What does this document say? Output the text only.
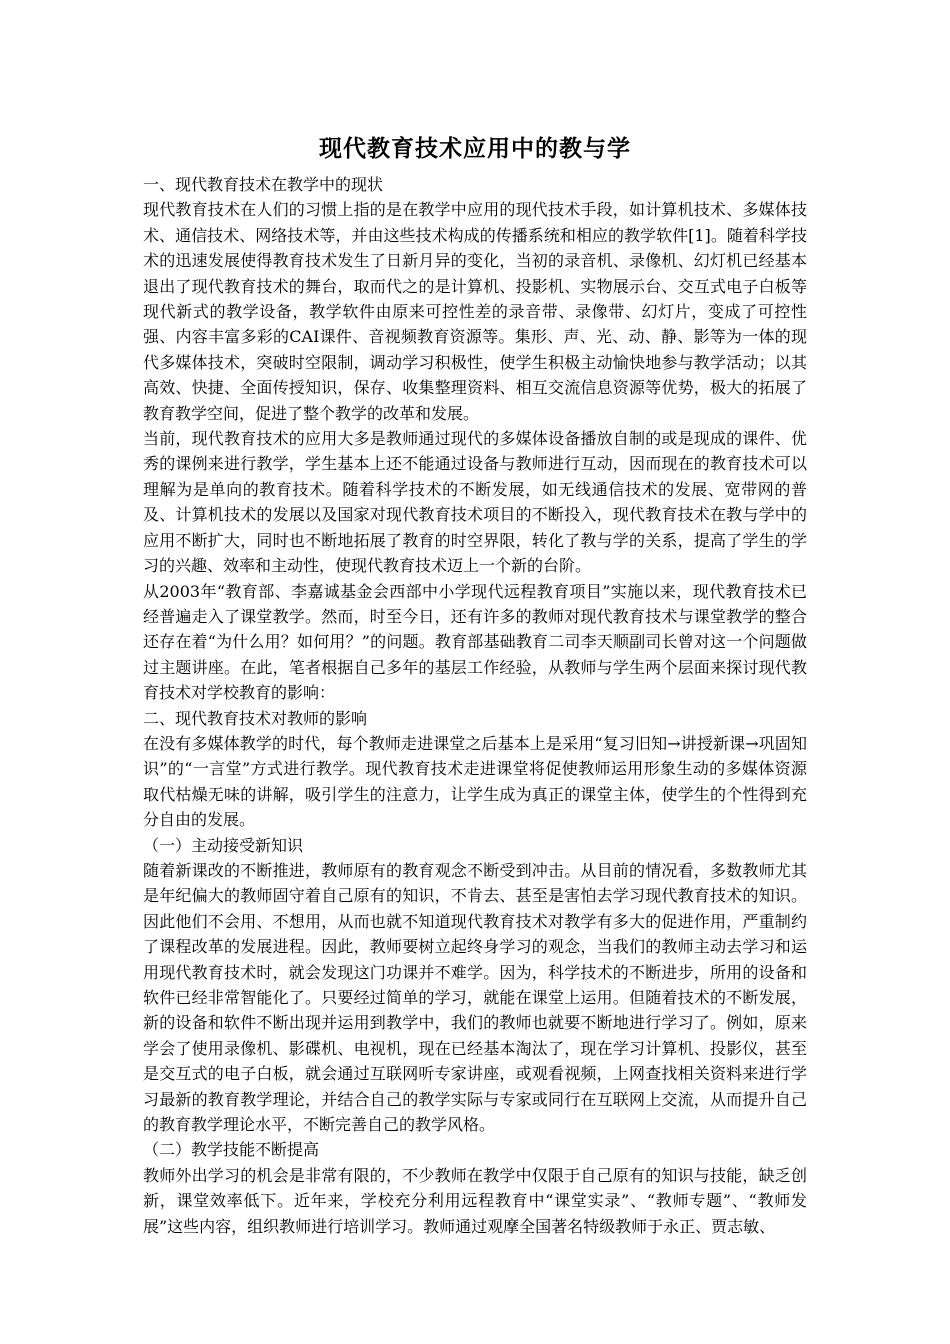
现代教育技术应用中的教与学

一、现代教育技术在教学中的现状

现代教育技术在人们的习惯上指的是在教学中应用的现代技术手段，如计算机技术、多媒体技术、通信技术、网络技术等，并由这些技术构成的传播系统和相应的教学软件[1]。随着科学技术的迅速发展使得教育技术发生了日新月异的变化，当初的录音机、录像机、幻灯机已经基本退出了现代教育技术的舞台，取而代之的是计算机、投影机、实物展示台、交互式电子白板等现代新式的教学设备，教学软件由原来可控性差的录音带、录像带、幻灯片，变成了可控性强、内容丰富多彩的CAI课件、音视频教育资源等。集形、声、光、动、静、影等为一体的现代多媒体技术，突破时空限制，调动学习积极性，使学生积极主动愉快地参与教学活动；以其高效、快捷、全面传授知识，保存、收集整理资料、相互交流信息资源等优势，极大的拓展了教育教学空间，促进了整个教学的改革和发展。

当前，现代教育技术的应用大多是教师通过现代的多媒体设备播放自制的或是现成的课件、优秀的课例来进行教学，学生基本上还不能通过设备与教师进行互动，因而现在的教育技术可以理解为是单向的教育技术。随着科学技术的不断发展，如无线通信技术的发展、宽带网的普及、计算机技术的发展以及国家对现代教育技术项目的不断投入，现代教育技术在教与学中的应用不断扩大，同时也不断地拓展了教育的时空界限，转化了教与学的关系，提高了学生的学习的兴趣、效率和主动性，使现代教育技术迈上一个新的台阶。

从2003年“教育部、李嘉诚基金会西部中小学现代远程教育项目”实施以来，现代教育技术已经普遍走入了课堂教学。然而，时至今日，还有许多的教师对现代教育技术与课堂教学的整合还存在着“为什么用？如何用？”的问题。教育部基础教育二司李天顺副司长曾对这一个问题做过主题讲座。在此，笔者根据自己多年的基层工作经验，从教师与学生两个层面来探讨现代教育技术对学校教育的影响：

二、现代教育技术对教师的影响

在没有多媒体教学的时代，每个教师走进课堂之后基本上是采用“复习旧知→讲授新课→巩固知识”的“一言堂”方式进行教学。现代教育技术走进课堂将促使教师运用形象生动的多媒体资源取代枯燥无味的讲解，吸引学生的注意力，让学生成为真正的课堂主体，使学生的个性得到充分自由的发展。

（一）主动接受新知识

随着新课改的不断推进，教师原有的教育观念不断受到冲击。从目前的情况看，多数教师尤其是年纪偏大的教师固守着自己原有的知识，不肯去、甚至是害怕去学习现代教育技术的知识。因此他们不会用、不想用，从而也就不知道现代教育技术对教学有多大的促进作用，严重制约了课程改革的发展进程。因此，教师要树立起终身学习的观念，当我们的教师主动去学习和运用现代教育技术时，就会发现这门功课并不难学。因为，科学技术的不断进步，所用的设备和软件已经非常智能化了。只要经过简单的学习，就能在课堂上运用。但随着技术的不断发展，新的设备和软件不断出现并运用到教学中，我们的教师也就要不断地进行学习了。例如，原来学会了使用录像机、影碟机、电视机，现在已经基本淘汰了，现在学习计算机、投影仪，甚至是交互式的电子白板，就会通过互联网听专家讲座，或观看视频，上网查找相关资料来进行学习最新的教育教学理论，并结合自己的教学实际与专家或同行在互联网上交流，从而提升自己的教育教学理论水平，不断完善自己的教学风格。

（二）教学技能不断提高

教师外出学习的机会是非常有限的，不少教师在教学中仅限于自己原有的知识与技能，缺乏创新，课堂效率低下。近年来，学校充分利用远程教育中“课堂实录”、“教师专题”、“教师发展”这些内容，组织教师进行培训学习。教师通过观摩全国著名特级教师于永正、贾志敏、
